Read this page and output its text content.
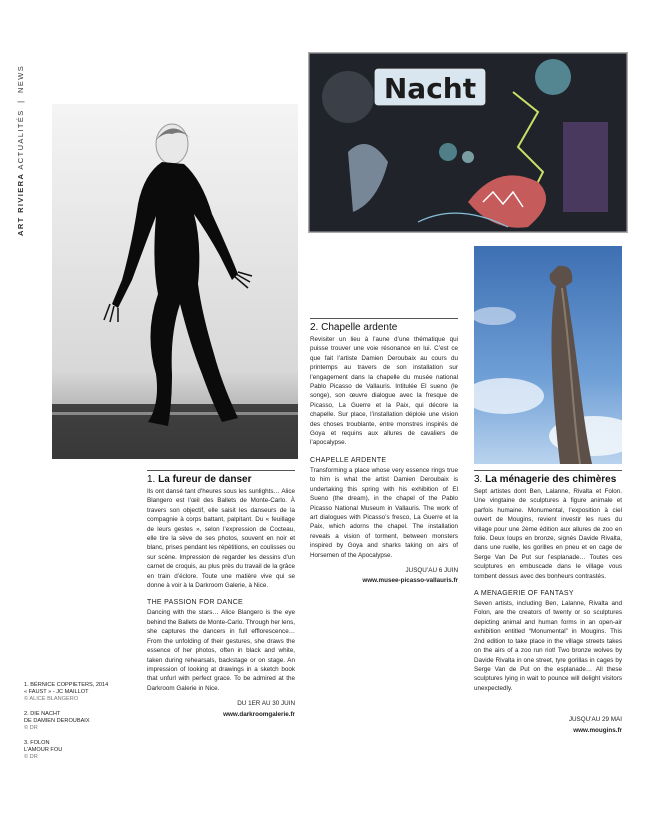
ART RIVIERA ACTUALITÉS | NEWS	Nacht
1. La fureur de danser

Ils ont dansé tant d’heures sous les sunlights… Alice Blangero est l’œil des Ballets de Monte-Carlo. À travers son objectif, elle saisit les danseurs de la compagnie à corps battant, palpitant. Du « feuillage de leurs gestes », selon l’expression de Cocteau, elle tire la sève de ses photos, souvent en noir et blanc, prises pendant les répétitions, en coulisses ou sur scène. Impression de regarder les dessins d’un carnet de croquis, au plus près du travail de la grâce en train d’éclore. Toute une matière vive qui se donne à voir à la Darkroom Galerie, à Nice.

THE PASSION FOR DANCE

Dancing with the stars… Alice Blangero is the eye behind the Ballets de Monte-Carlo. Through her lens, she captures the dancers in full efflorescence… From the unfolding of their gestures, she draws the essence of her photos, often in black and white, taken during rehearsals, backstage or on stage. An impression of looking at drawings in a sketch book that unfurl with perfect grace. To be admired at the Darkroom Galerie in Nice.

DU 1ER AU 30 JUIN
www.darkroomgalerie.fr
2. Chapelle ardente

Revisiter un lieu à l’aune d’une thématique qui puisse trouver une voie résonance en lui. C’est ce que fait l’artiste Damien Deroubaix au cours du printemps au travers de son installation sur l’engagement dans la chapelle du musée national Pablo Picasso de Vallauris. Intitulée El sueno (le songe), son œuvre dialogue avec la fresque de Picasso, La Guerre et la Paix, qui décore la chapelle. Sur place, l’installation déploie une vision des choses troublante, entre monstres inspirés de Goya et requins aux allures de cavaliers de l’apocalypse.

CHAPELLE ARDENTE

Transforming a place whose very essence rings true to him is what the artist Damien Deroubaix is undertaking this spring with his exhibition of El Sueno (the dream), in the chapel of the Pablo Picasso National Museum in Vallauris. The work of art dialogues with Picasso’s fresco, La Guerre et la Paix, which adorns the chapel. The installation reveals a vision of torment, between monsters inspired by Goya and sharks taking on airs of Horsemen of the Apocalypse.

JUSQU’AU 6 JUIN
www.musee-picasso-vallauris.fr
3. La ménagerie des chimères

Sept artistes dont Ben, Lalanne, Rivalta et Folon. Une vingtaine de sculptures à figure animale et parfois humaine. Monumental, l’exposition à ciel ouvert de Mougins, revient investir les rues du village pour une 2ème édition aux allures de zoo en folie. Deux loups en bronze, signés Davide Rivalta, dans une ruelle, les gorilles en pneu et en cage de Serge Van De Put sur l’esplanade… Toutes ces sculptures en embuscade dans le village vous tombent dessus avec des bonheurs contrastés.

A MENAGERIE OF FANTASY

Seven artists, including Ben, Lalanne, Rivalta and Folon, are the creators of twenty or so sculptures depicting animal and human forms in an open-air exhibition entitled “Monumental” in Mougins. This 2nd edition to take place in the village streets takes on the airs of a zoo run riot! Two bronze wolves by Davide Rivalta in one street, tyre gorillas in cages by Serge Van de Put on the esplanade… All these sculptures lying in wait to pounce will delight visitors unexpectedly.

JUSQU’AU 29 MAI
www.mougins.fr
1. BÉRNICE COPPIETERS, 2014
« FAUST » - JC MAILLOT
© ALICE BLANGERO
2. DIE NACHT
DE DAMIEN DEROUBAIX
© DR
3. FOLON
L’AMOUR FOU
© DR
